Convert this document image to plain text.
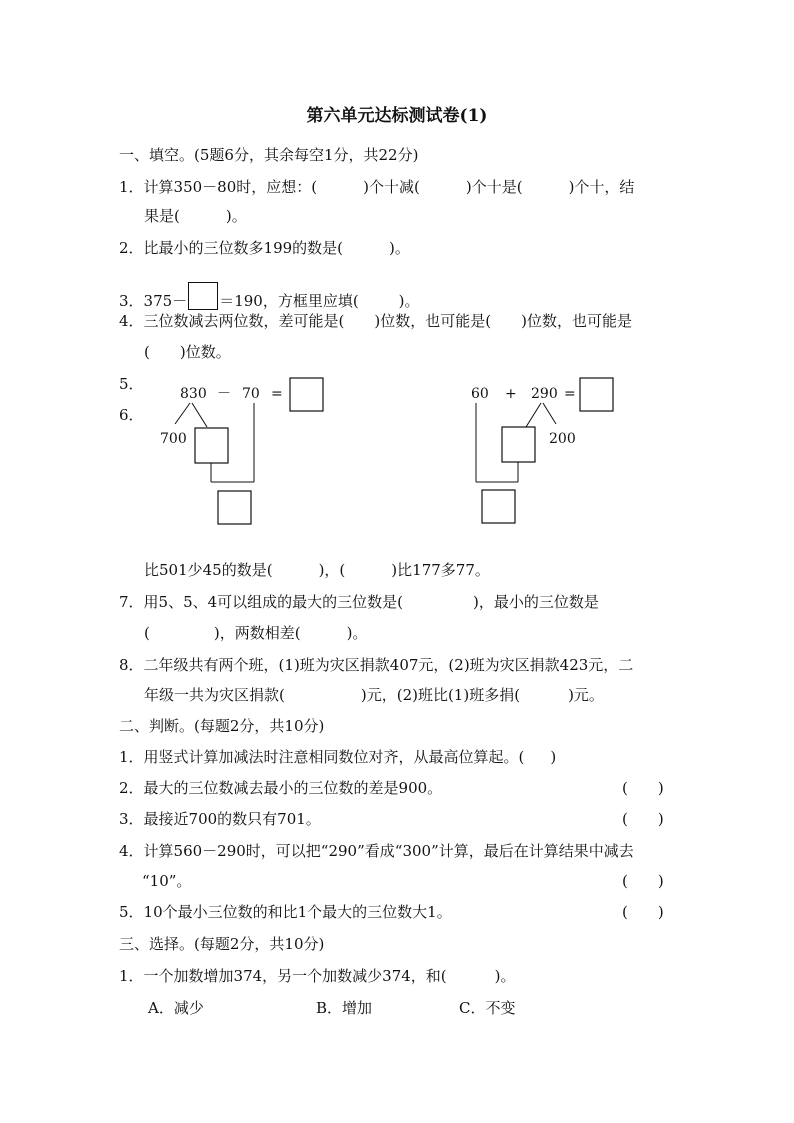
第六单元达标测试卷(1)
一、填空。(5题6分，其余每空1分，共22分)
1．计算350－80时，应想：(	)个十减(	)个十是(	)个十，结
果是(	)。
2．比最小的三位数多199的数是(	)。
3．375－ ＝190，方框里应填(	)。
4．三位数减去两位数，差可能是( )位数，也可能是( )位数，也可能是
( )位数。
5．
6．
830 － 70 =
700
60 + 290 =
200
比501少45的数是(	)，(	)比177多77。
7．用5、5、4可以组成的最大的三位数是(	)，最小的三位数是
(	)，两数相差(	)。
8．二年级共有两个班，(1)班为灾区捐款407元，(2)班为灾区捐款423元，二
年级一共为灾区捐款(	)元，(2)班比(1)班多捐(	)元。
二、判断。(每题2分，共10分)
1．用竖式计算加减法时注意相同数位对齐，从最高位算起。( )
2．最大的三位数减去最小的三位数的差是900。	(　　)
3．最接近700的数只有701。	(　　)
4．计算560－290时，可以把“290”看成“300”计算，最后在计算结果中减去
“10”。	(　　)
5．10个最小三位数的和比1个最大的三位数大1。	(　　)
三、选择。(每题2分，共10分)
1．一个加数增加374，另一个加数减少374，和(	)。
A．减少	B．增加	C．不变
